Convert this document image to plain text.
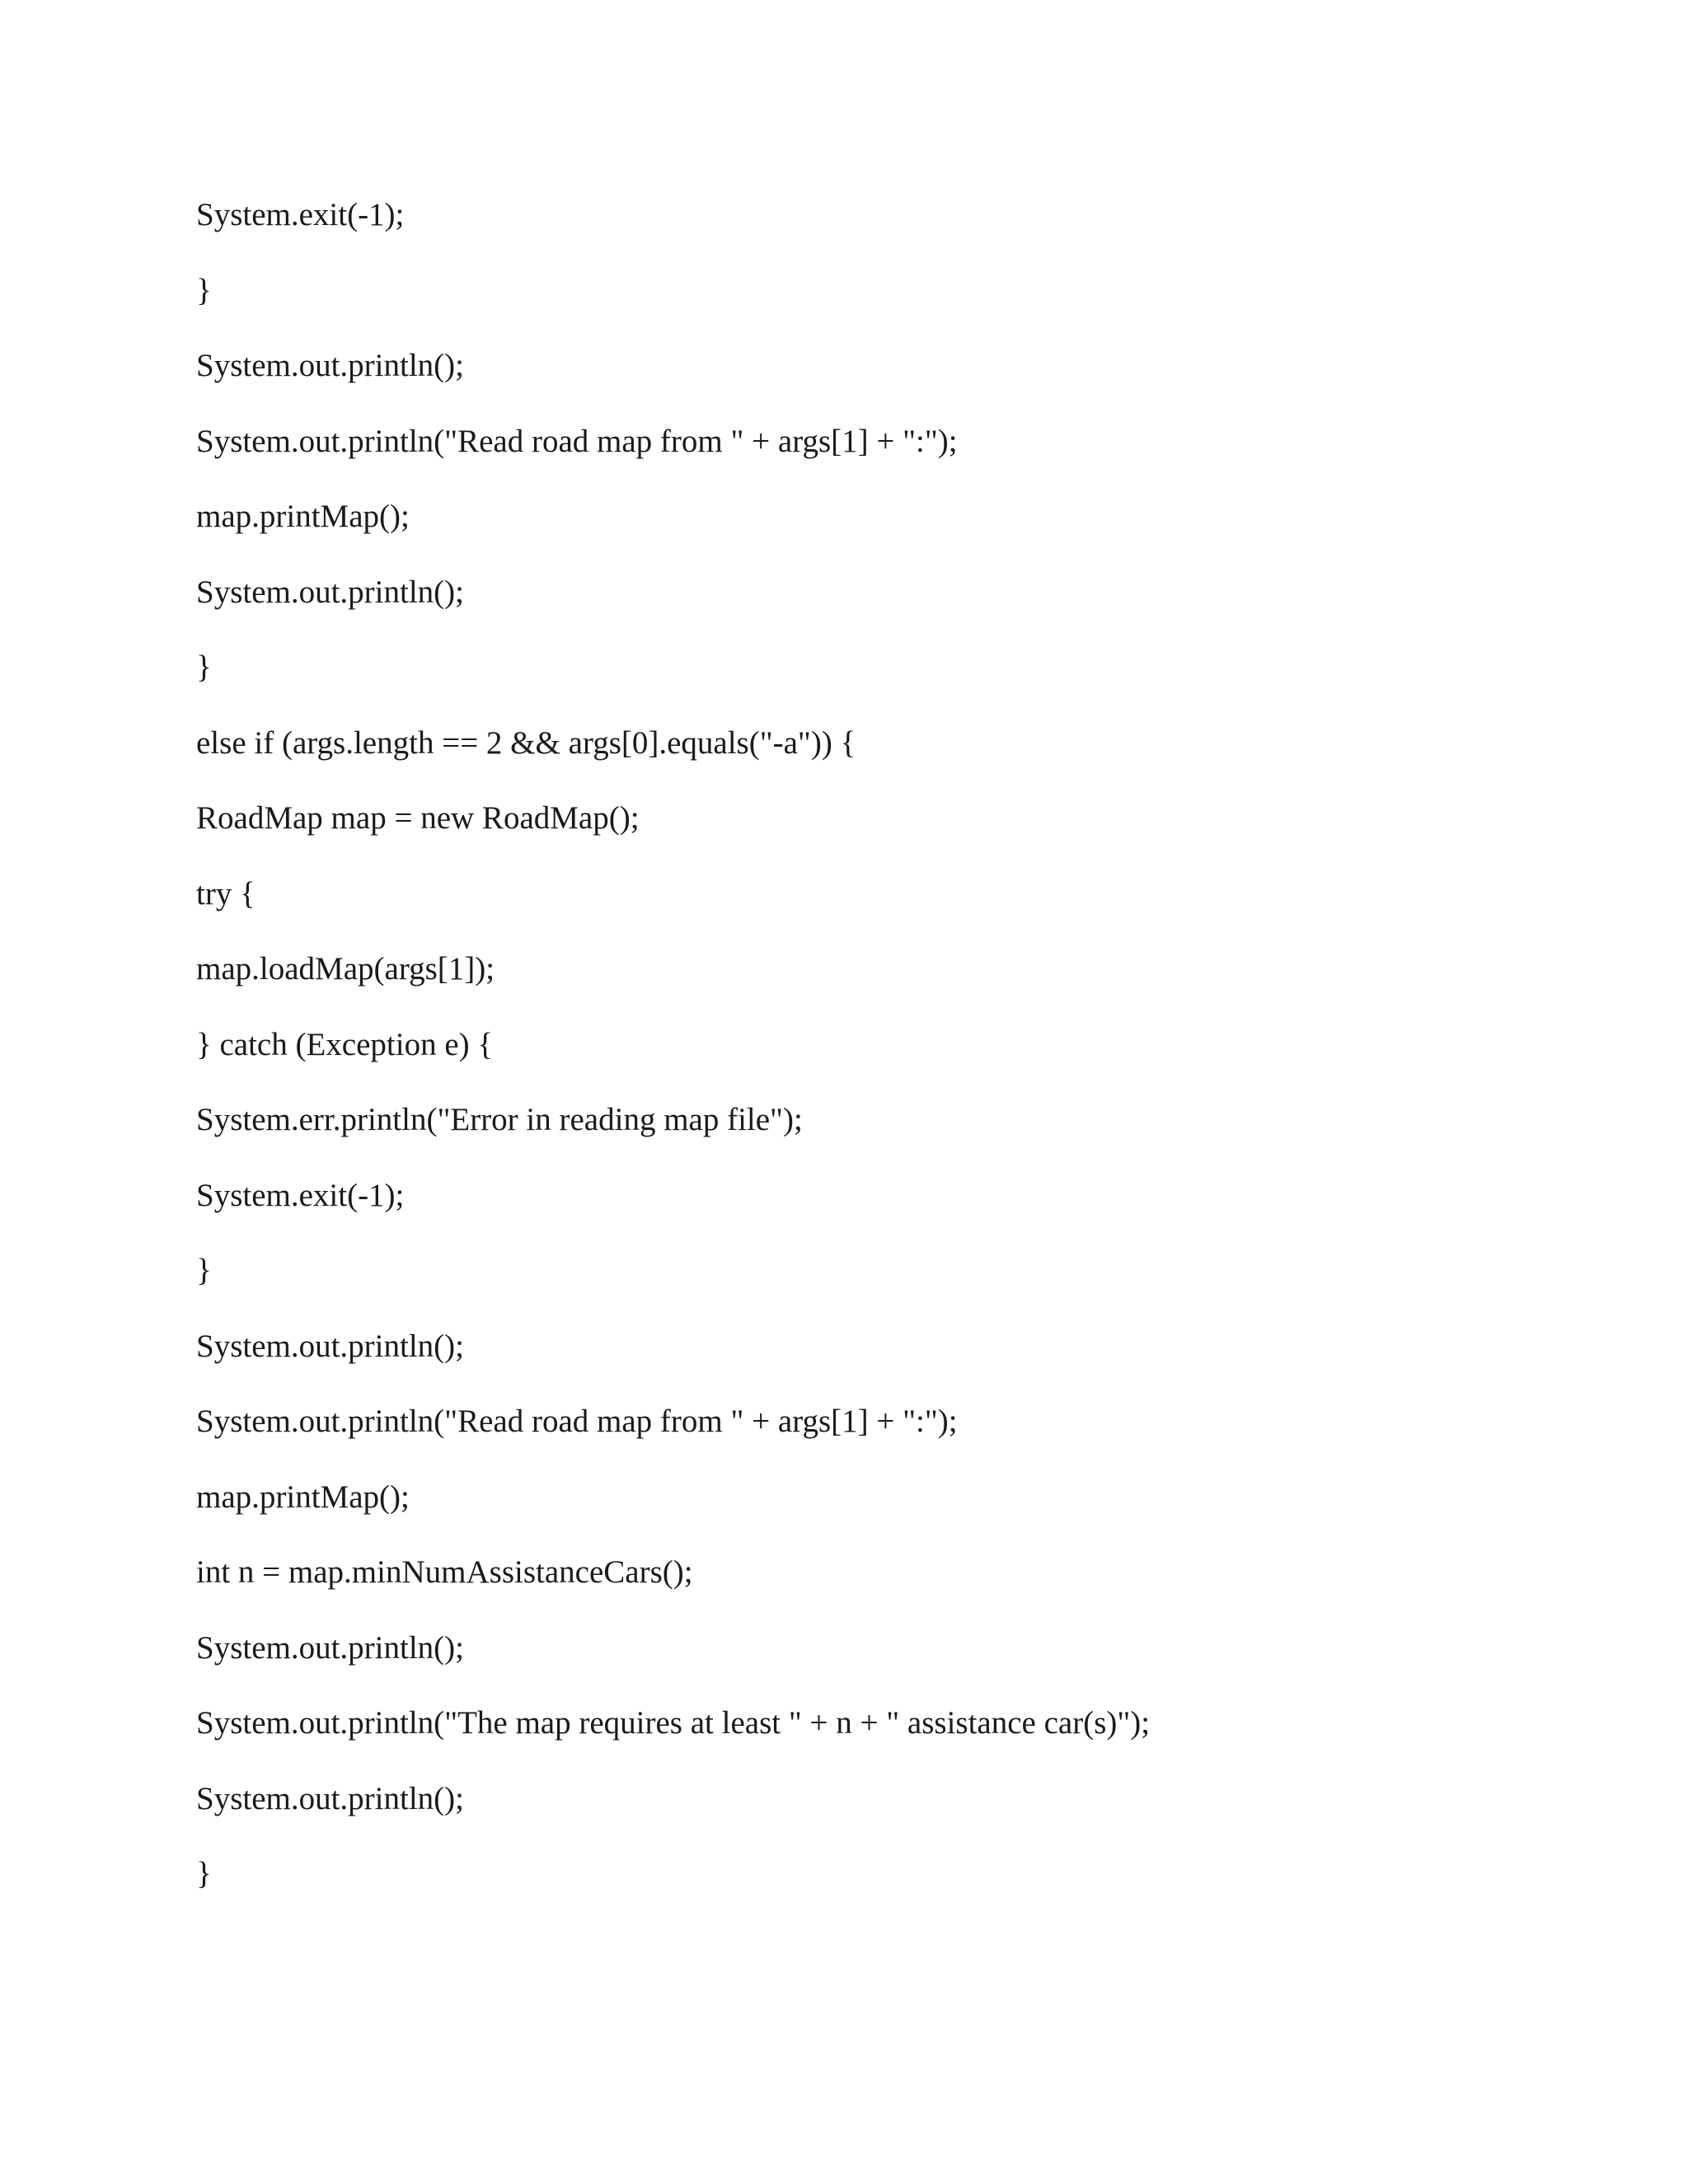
System.exit(-1);
}
System.out.println();
System.out.println("Read road map from " + args[1] + ":");
map.printMap();
System.out.println();
}
else if (args.length == 2 && args[0].equals("-a")) {
RoadMap map = new RoadMap();
try {
map.loadMap(args[1]);
} catch (Exception e) {
System.err.println("Error in reading map file");
System.exit(-1);
}
System.out.println();
System.out.println("Read road map from " + args[1] + ":");
map.printMap();
int n = map.minNumAssistanceCars();
System.out.println();
System.out.println("The map requires at least " + n + " assistance car(s)");
System.out.println();
}
